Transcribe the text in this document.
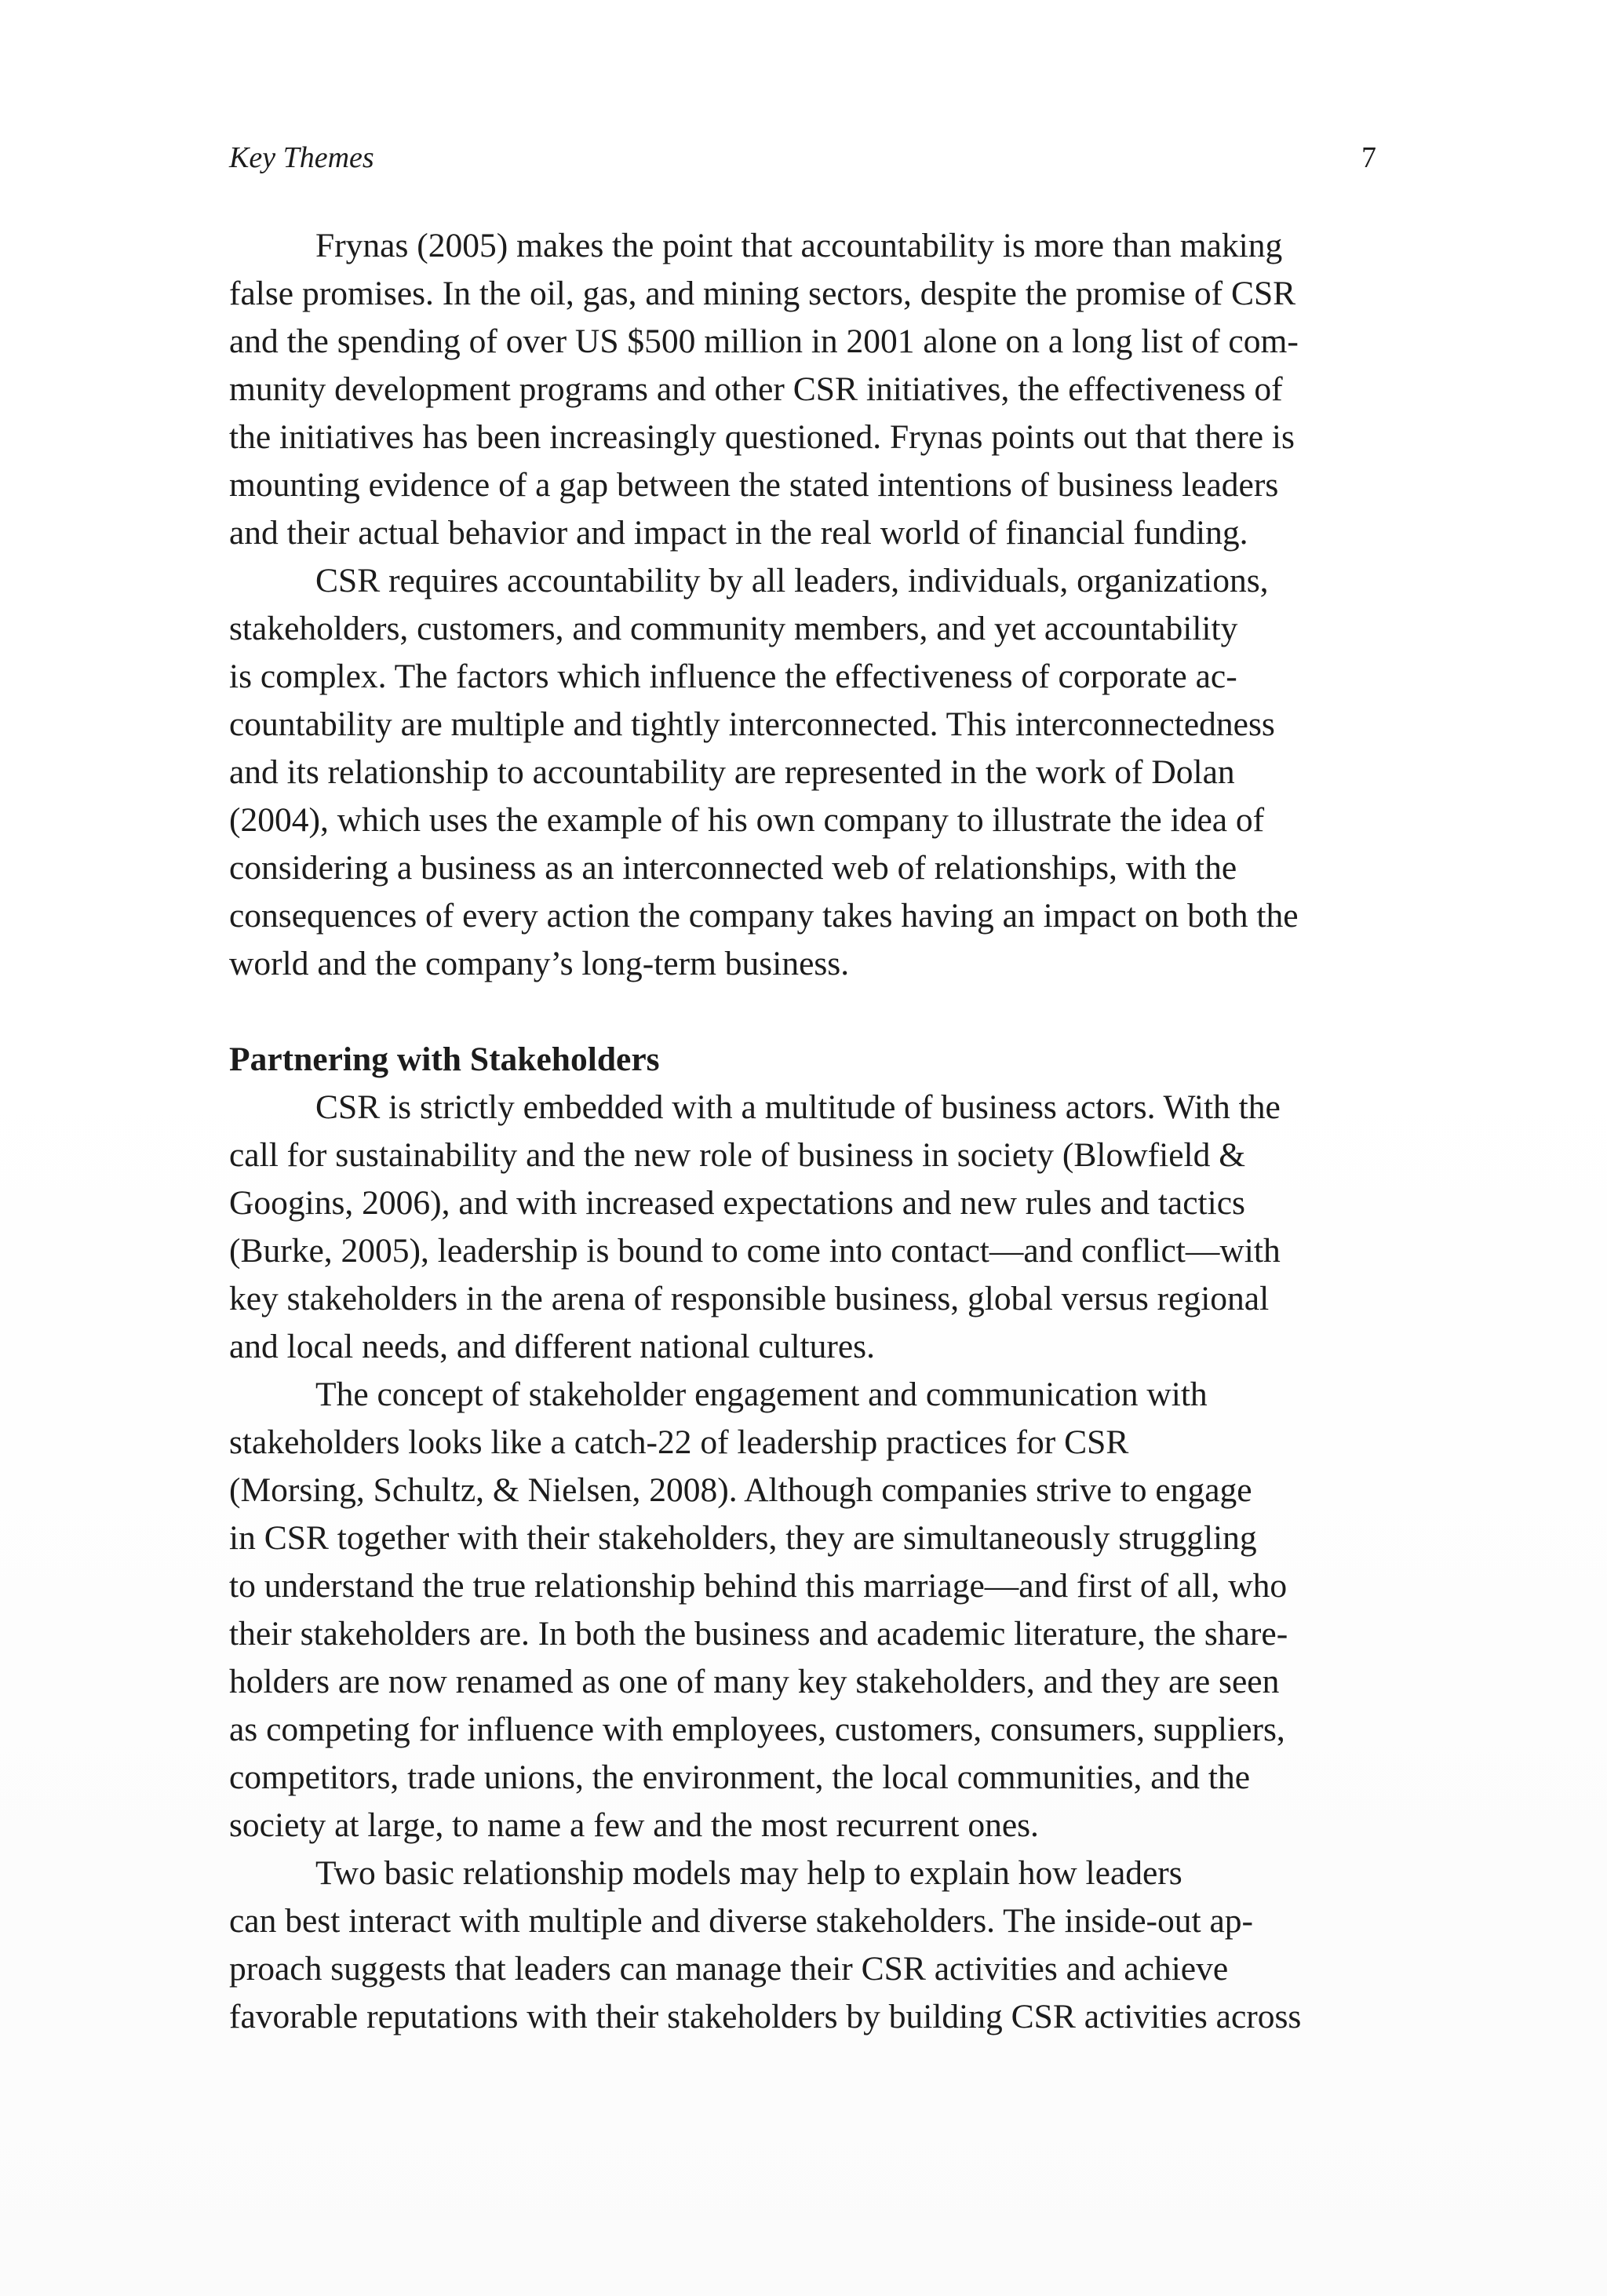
Key Themes	7
Frynas (2005) makes the point that accountability is more than making
false promises. In the oil, gas, and mining sectors, despite the promise of CSR
and the spending of over US $500 million in 2001 alone on a long list of com-
munity development programs and other CSR initiatives, the effectiveness of
the initiatives has been increasingly questioned. Frynas points out that there is
mounting evidence of a gap between the stated intentions of business leaders
and their actual behavior and impact in the real world of financial funding.
CSR requires accountability by all leaders, individuals, organizations,
stakeholders, customers, and community members, and yet accountability
is complex. The factors which influence the effectiveness of corporate ac-
countability are multiple and tightly interconnected. This interconnectedness
and its relationship to accountability are represented in the work of Dolan
(2004), which uses the example of his own company to illustrate the idea of
considering a business as an interconnected web of relationships, with the
consequences of every action the company takes having an impact on both the
world and the company’s long-term business.
Partnering with Stakeholders
CSR is strictly embedded with a multitude of business actors. With the
call for sustainability and the new role of business in society (Blowfield &
Googins, 2006), and with increased expectations and new rules and tactics
(Burke, 2005), leadership is bound to come into contact—and conflict—with
key stakeholders in the arena of responsible business, global versus regional
and local needs, and different national cultures.
The concept of stakeholder engagement and communication with
stakeholders looks like a catch-22 of leadership practices for CSR
(Morsing, Schultz, & Nielsen, 2008). Although companies strive to engage
in CSR together with their stakeholders, they are simultaneously struggling
to understand the true relationship behind this marriage—and first of all, who
their stakeholders are. In both the business and academic literature, the share-
holders are now renamed as one of many key stakeholders, and they are seen
as competing for influence with employees, customers, consumers, suppliers,
competitors, trade unions, the environment, the local communities, and the
society at large, to name a few and the most recurrent ones.
Two basic relationship models may help to explain how leaders
can best interact with multiple and diverse stakeholders. The inside-out ap-
proach suggests that leaders can manage their CSR activities and achieve
favorable reputations with their stakeholders by building CSR activities across
